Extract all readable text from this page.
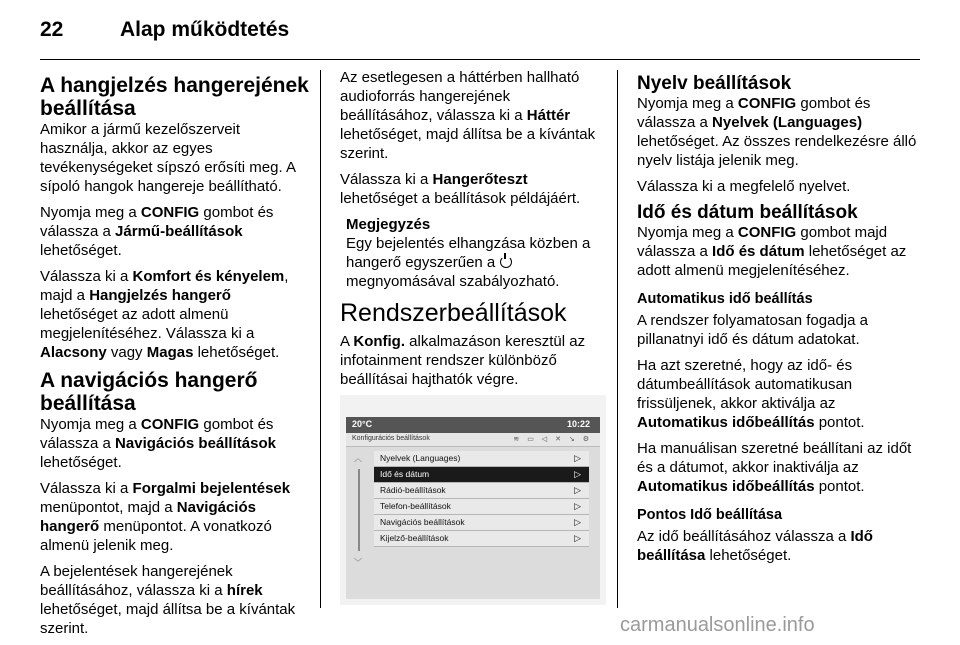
22	Alap működtetés
A hangjelzés hangerejének beállítása

Amikor a jármű kezelőszerveit használja, akkor az egyes tevékenységeket sípszó erősíti meg. A sípoló hangok hangereje beállítható.

Nyomja meg a CONFIG gombot és válassza a Jármű-beállítások lehetőséget.

Válassza ki a Komfort és kényelem, majd a Hangjelzés hangerő lehetőséget az adott almenü megjelenítéséhez. Válassza ki a Alacsony vagy Magas lehetőséget.

A navigációs hangerő beállítása

Nyomja meg a CONFIG gombot és válassza a Navigációs beállítások lehetőséget.

Válassza ki a Forgalmi bejelentések menüpontot, majd a Navigációs hangerő menüpontot. A vonatkozó almenü jelenik meg.

A bejelentések hangerejének beállításához, válassza ki a hírek lehetőséget, majd állítsa be a kívántak szerint.

Az esetlegesen a háttérben hallható audioforrás hangerejének beállításához, válassza ki a Háttér lehetőséget, majd állítsa be a kívántak szerint.

Válassza ki a Hangerőteszt lehetőséget a beállítások példájáért.

Megjegyzés

Egy bejelentés elhangzása közben a hangerő egyszerűen a  megnyomásával szabályozható.

Rendszerbeállítások

A Konfig. alkalmazáson keresztül az infotainment rendszer különböző beállításai hajthatók végre.

20°C	10:22
Konfigurációs beállítások	≋ ▭ ◁ ✕ ↘ ⚙
︿
﹀
Nyelvek (Languages)	▷
Idő és dátum	▷
Rádió-beállítások	▷
Telefon-beállítások	▷
Navigációs beállítások	▷
Kijelző-beállítások	▷
Nyelv beállítások

Nyomja meg a CONFIG gombot és válassza a Nyelvek (Languages) lehetőséget. Az összes rendelkezésre álló nyelv listája jelenik meg.

Válassza ki a megfelelő nyelvet.

Idő és dátum beállítások

Nyomja meg a CONFIG gombot majd válassza a Idő és dátum lehetőséget az adott almenü megjelenítéséhez.

Automatikus idő beállítás

A rendszer folyamatosan fogadja a pillanatnyi idő és dátum adatokat.

Ha azt szeretné, hogy az idő- és dátumbeállítások automatikusan frissüljenek, akkor aktiválja az Automatikus időbeállítás pontot.

Ha manuálisan szeretné beállítani az időt és a dátumot, akkor inaktiválja az Automatikus időbeállítás pontot.

Pontos Idő beállítása

Az idő beállításához válassza a Idő beállítása lehetőséget.

carmanualsonline.info
